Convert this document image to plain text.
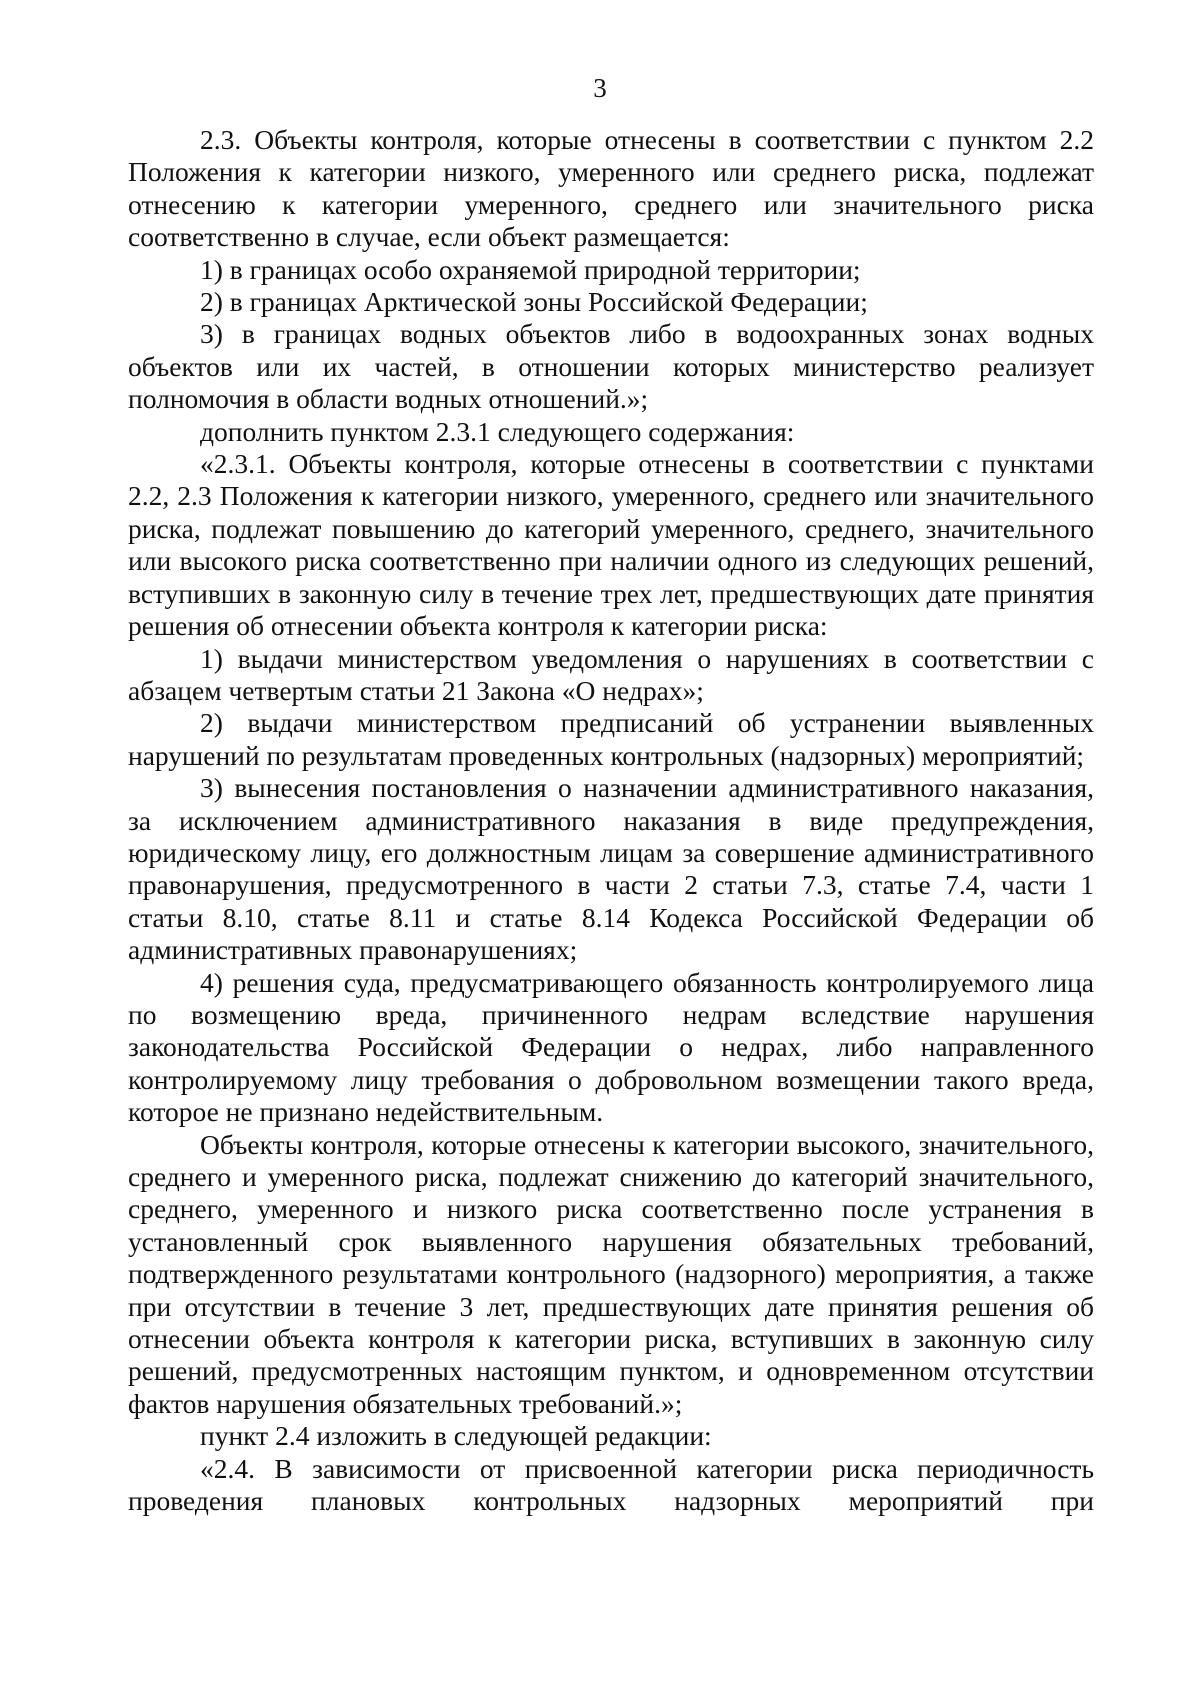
3

2.3. Объекты контроля, которые отнесены в соответствии с пунктом 2.2 Положения к категории низкого, умеренного или среднего риска, подлежат отнесению к категории умеренного, среднего или значительного риска соответственно в случае, если объект размещается:

1) в границах особо охраняемой природной территории;

2) в границах Арктической зоны Российской Федерации;

3) в границах водных объектов либо в водоохранных зонах водных объектов или их частей, в отношении которых министерство реализует полномочия в области водных отношений.»;

дополнить пунктом 2.3.1 следующего содержания:

«2.3.1. Объекты контроля, которые отнесены в соответствии с пунктами 2.2, 2.3 Положения к категории низкого, умеренного, среднего или значительного риска, подлежат повышению до категорий умеренного, среднего, значительного или высокого риска соответственно при наличии одного из следующих решений, вступивших в законную силу в течение трех лет, предшествующих дате принятия решения об отнесении объекта контроля к категории риска:

1) выдачи министерством уведомления о нарушениях в соответствии с абзацем четвертым статьи 21 Закона «О недрах»;

2) выдачи министерством предписаний об устранении выявленных нарушений по результатам проведенных контрольных (надзорных) мероприятий;

3) вынесения постановления о назначении административного наказания, за исключением административного наказания в виде предупреждения, юридическому лицу, его должностным лицам за совершение административного правонарушения, предусмотренного в части 2 статьи 7.3, статье 7.4, части 1 статьи 8.10, статье 8.11 и статье 8.14 Кодекса Российской Федерации об административных правонарушениях;

4) решения суда, предусматривающего обязанность контролируемого лица по возмещению вреда, причиненного недрам вследствие нарушения законодательства Российской Федерации о недрах, либо направленного контролируемому лицу требования о добровольном возмещении такого вреда, которое не признано недействительным.

Объекты контроля, которые отнесены к категории высокого, значительного, среднего и умеренного риска, подлежат снижению до категорий значительного, среднего, умеренного и низкого риска соответственно после устранения в установленный срок выявленного нарушения обязательных требований, подтвержденного результатами контрольного (надзорного) мероприятия, а также при отсутствии в течение 3 лет, предшествующих дате принятия решения об отнесении объекта контроля к категории риска, вступивших в законную силу решений, предусмотренных настоящим пунктом, и одновременном отсутствии фактов нарушения обязательных требований.»;

пункт 2.4 изложить в следующей редакции:

«2.4. В зависимости от присвоенной категории риска периодичность проведения плановых контрольных надзорных мероприятий при
